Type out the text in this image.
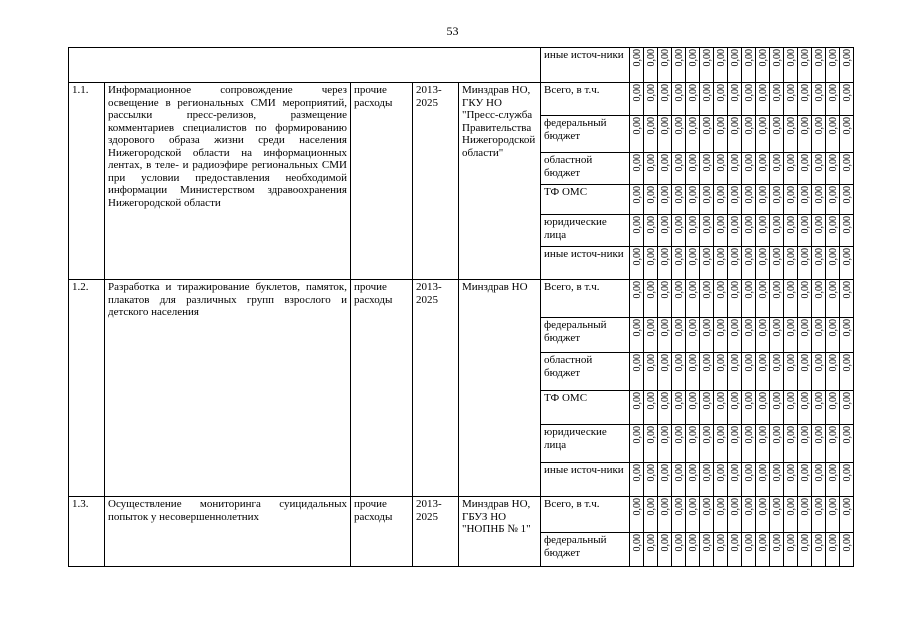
53
					иные источ-ники	0,00	0,00	0,00	0,00	0,00	0,00	0,00	0,00	0,00	0,00	0,00	0,00	0,00	0,00	0,00	0,00

1.1.	Информационное сопровождение через освещение в региональных СМИ мероприятий, рассылки пресс-релизов, размещение комментариев специалистов по формированию здорового образа жизни среди населения Нижегородской области на информационных лентах, в теле- и радиоэфире региональных СМИ при условии предоставления необходимой информации Министерством здравоохранения Нижегородской области	прочие расходы	2013-2025	Минздрав НО, ГКУ НО "Пресс-служба Правительства Нижегородской области"	Всего, в т.ч.	0,00	0,00	0,00	0,00	0,00	0,00	0,00	0,00	0,00	0,00	0,00	0,00	0,00	0,00	0,00	0,00

					федеральный бюджет	0,00	0,00	0,00	0,00	0,00	0,00	0,00	0,00	0,00	0,00	0,00	0,00	0,00	0,00	0,00	0,00

					областной бюджет	0,00	0,00	0,00	0,00	0,00	0,00	0,00	0,00	0,00	0,00	0,00	0,00	0,00	0,00	0,00	0,00

					ТФ ОМС	0,00	0,00	0,00	0,00	0,00	0,00	0,00	0,00	0,00	0,00	0,00	0,00	0,00	0,00	0,00	0,00

					юридические лица	0,00	0,00	0,00	0,00	0,00	0,00	0,00	0,00	0,00	0,00	0,00	0,00	0,00	0,00	0,00	0,00

					иные источ-ники	0,00	0,00	0,00	0,00	0,00	0,00	0,00	0,00	0,00	0,00	0,00	0,00	0,00	0,00	0,00	0,00

1.2.	Разработка и тиражирование буклетов, памяток, плакатов для различных групп взрослого и детского населения	прочие расходы	2013-2025	Минздрав НО	Всего, в т.ч.	0,00	0,00	0,00	0,00	0,00	0,00	0,00	0,00	0,00	0,00	0,00	0,00	0,00	0,00	0,00	0,00

					федеральный бюджет	0,00	0,00	0,00	0,00	0,00	0,00	0,00	0,00	0,00	0,00	0,00	0,00	0,00	0,00	0,00	0,00

					областной бюджет	0,00	0,00	0,00	0,00	0,00	0,00	0,00	0,00	0,00	0,00	0,00	0,00	0,00	0,00	0,00	0,00

					ТФ ОМС	0,00	0,00	0,00	0,00	0,00	0,00	0,00	0,00	0,00	0,00	0,00	0,00	0,00	0,00	0,00	0,00

					юридические лица	0,00	0,00	0,00	0,00	0,00	0,00	0,00	0,00	0,00	0,00	0,00	0,00	0,00	0,00	0,00	0,00

					иные источ-ники	0,00	0,00	0,00	0,00	0,00	0,00	0,00	0,00	0,00	0,00	0,00	0,00	0,00	0,00	0,00	0,00

1.3.	Осуществление мониторинга суицидальных попыток у несовершеннолетних	прочие расходы	2013-2025	Минздрав НО, ГБУЗ НО "НОПНБ № 1"	Всего, в т.ч.	0,00	0,00	0,00	0,00	0,00	0,00	0,00	0,00	0,00	0,00	0,00	0,00	0,00	0,00	0,00	0,00

					федеральный бюджет	0,00	0,00	0,00	0,00	0,00	0,00	0,00	0,00	0,00	0,00	0,00	0,00	0,00	0,00	0,00	0,00
